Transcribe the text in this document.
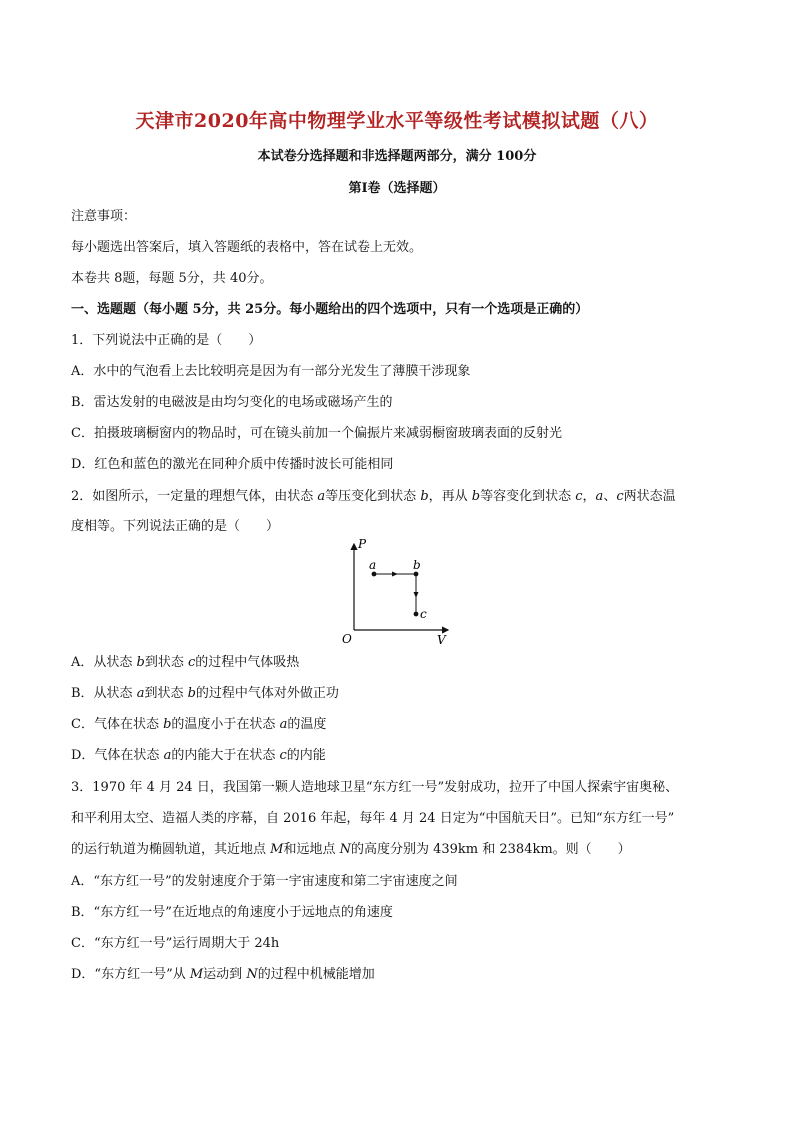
天津市2020年高中物理学业水平等级性考试模拟试题（八）
本试卷分选择题和非选择题两部分，满分 100分
第Ⅰ卷（选择题）
注意事项：
每小题选出答案后，填入答题纸的表格中，答在试卷上无效。
本卷共 8题，每题 5分，共 40分。
一、选题题（每小题 5分，共 25分。每小题给出的四个选项中，只有一个选项是正确的）
1．下列说法中正确的是（　　）
A．水中的气泡看上去比较明亮是因为有一部分光发生了薄膜干涉现象
B．雷达发射的电磁波是由均匀变化的电场或磁场产生的
C．拍摄玻璃橱窗内的物品时，可在镜头前加一个偏振片来减弱橱窗玻璃表面的反射光
D．红色和蓝色的激光在同种介质中传播时波长可能相同
2．如图所示，一定量的理想气体，由状态 a等压变化到状态 b，再从 b等容变化到状态 c，a、c两状态温
度相等。下列说法正确的是（　　）
P
V
O
a	b
c
A．从状态 b到状态 c的过程中气体吸热
B．从状态 a到状态 b的过程中气体对外做正功
C．气体在状态 b的温度小于在状态 a的温度
D．气体在状态 a的内能大于在状态 c的内能
3．1970 年 4 月 24 日，我国第一颗人造地球卫星“东方红一号”发射成功，拉开了中国人探索宇宙奥秘、
和平利用太空、造福人类的序幕，自 2016 年起，每年 4 月 24 日定为“中国航天日”。已知“东方红一号”
的运行轨道为椭圆轨道，其近地点 M和远地点 N的高度分别为 439km 和 2384km。则（　　）
A．“东方红一号”的发射速度介于第一宇宙速度和第二宇宙速度之间
B．“东方红一号”在近地点的角速度小于远地点的角速度
C．“东方红一号”运行周期大于 24h
D．“东方红一号”从 M运动到 N的过程中机械能增加
